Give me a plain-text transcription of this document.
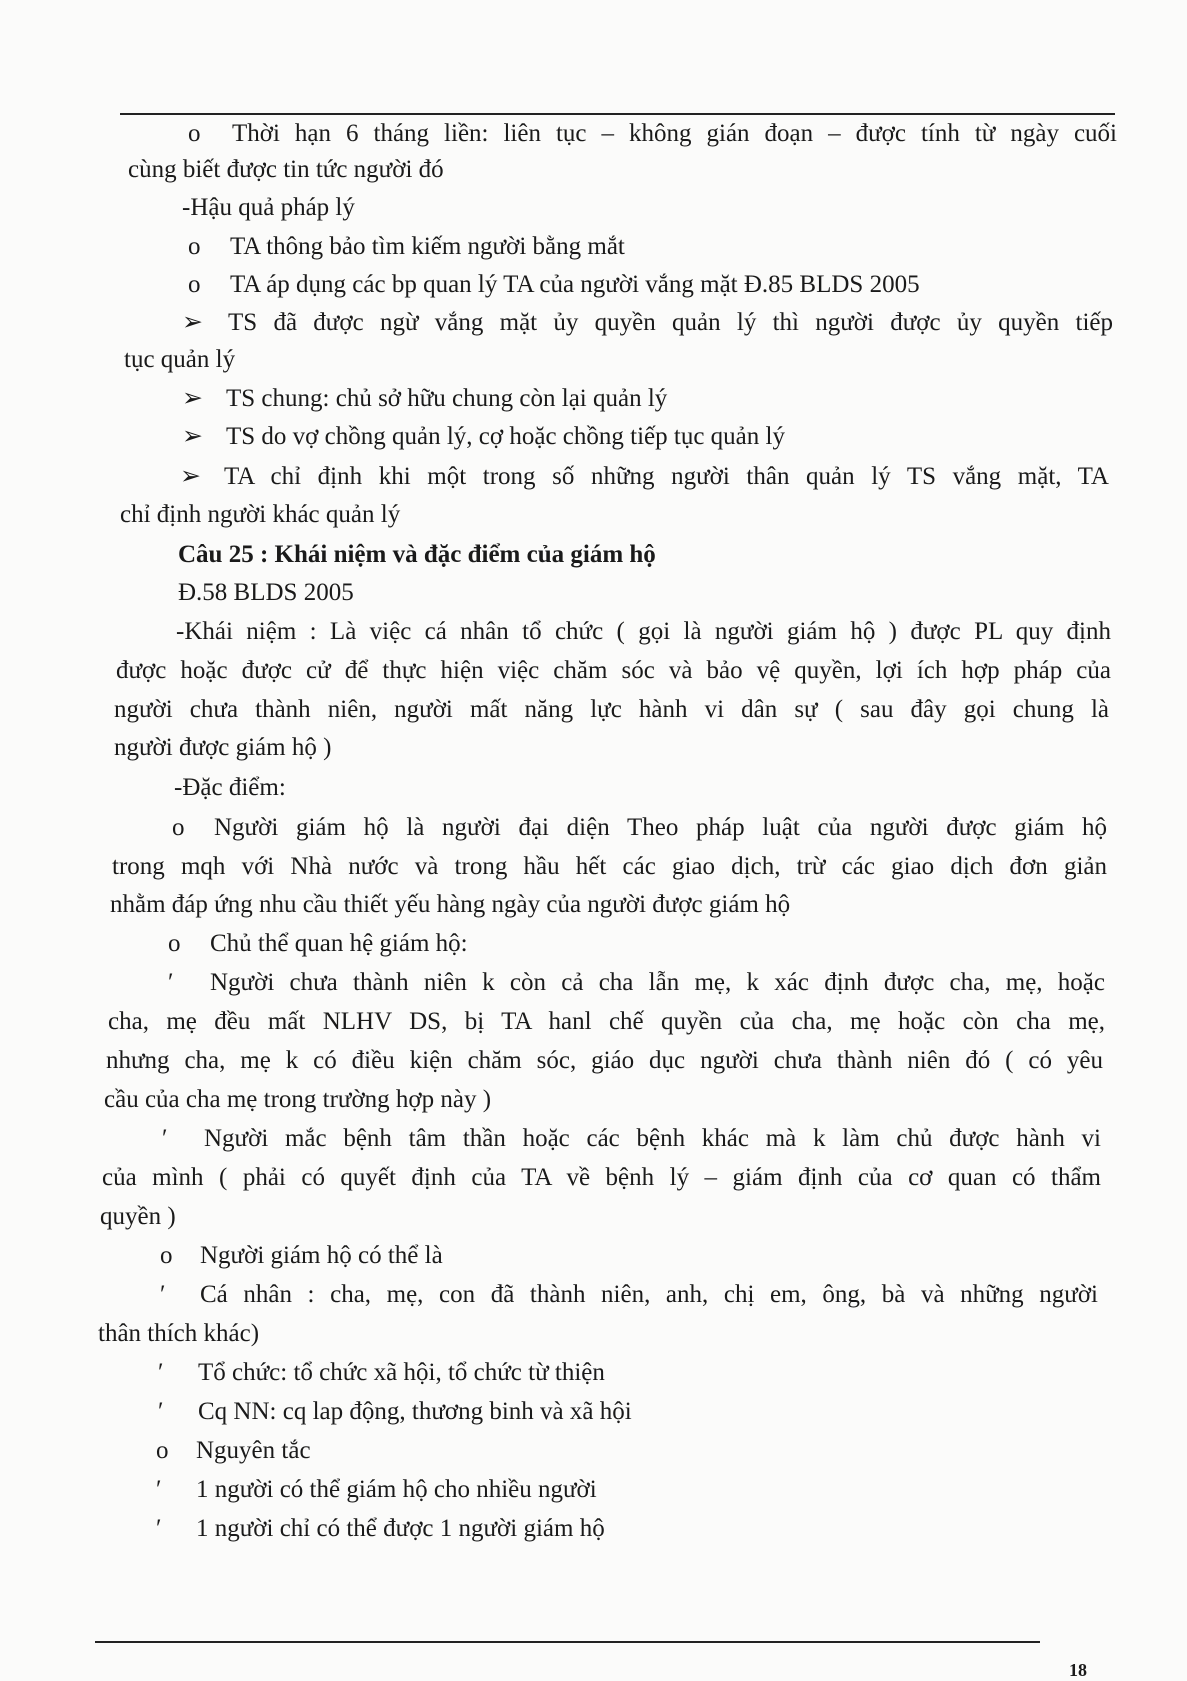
o Thời hạn 6 tháng liền: liên tục – không gián đoạn – được tính từ ngày cuối
cùng biết được tin tức người đó
-Hậu quả pháp lý
o TA thông bảo tìm kiếm người bằng mắt
o TA áp dụng các bp quan lý TA của người vắng mặt Đ.85 BLDS 2005
➢ TS đã được ngừ vắng mặt ủy quyền quản lý thì người được ủy quyền tiếp
tục quản lý
➢ TS chung: chủ sở hữu chung còn lại quản lý
➢ TS do vợ chồng quản lý, cợ hoặc chồng tiếp tục quản lý
➢ TA chỉ định khi một trong số những người thân quản lý TS vắng mặt, TA
chỉ định người khác quản lý
Câu 25 : Khái niệm và đặc điểm của giám hộ
Đ.58 BLDS 2005
-Khái niệm : Là việc cá nhân tổ chức ( gọi là người giám hộ ) được PL quy định
được hoặc được cử để thực hiện việc chăm sóc và bảo vệ quyền, lợi ích hợp pháp của
người chưa thành niên, người mất năng lực hành vi dân sự ( sau đây gọi chung là
người được giám hộ )
-Đặc điểm:
o Người giám hộ là người đại diện Theo pháp luật của người được giám hộ
trong mqh với Nhà nước và trong hầu hết các giao dịch, trừ các giao dịch đơn giản
nhằm đáp ứng nhu cầu thiết yếu hàng ngày của người được giám hộ
o Chủ thể quan hệ giám hộ:
′ Người chưa thành niên k còn cả cha lẫn mẹ, k xác định được cha, mẹ, hoặc
cha, mẹ đều mất NLHV DS, bị TA hanl chế quyền của cha, mẹ hoặc còn cha mẹ,
nhưng cha, mẹ k có điều kiện chăm sóc, giáo dục người chưa thành niên đó ( có yêu
cầu của cha mẹ trong trường hợp này )
′ Người mắc bệnh tâm thần hoặc các bệnh khác mà k làm chủ được hành vi
của mình ( phải có quyết định của TA về bệnh lý – giám định của cơ quan có thẩm
quyền )
o Người giám hộ có thể là
′ Cá nhân : cha, mẹ, con đã thành niên, anh, chị em, ông, bà và những người
thân thích khác)
′ Tổ chức: tổ chức xã hội, tổ chức từ thiện
′ Cq NN: cq lap động, thương binh và xã hội
o Nguyên tắc
′ 1 người có thể giám hộ cho nhiều người
′ 1 người chỉ có thể được 1 người giám hộ
18
